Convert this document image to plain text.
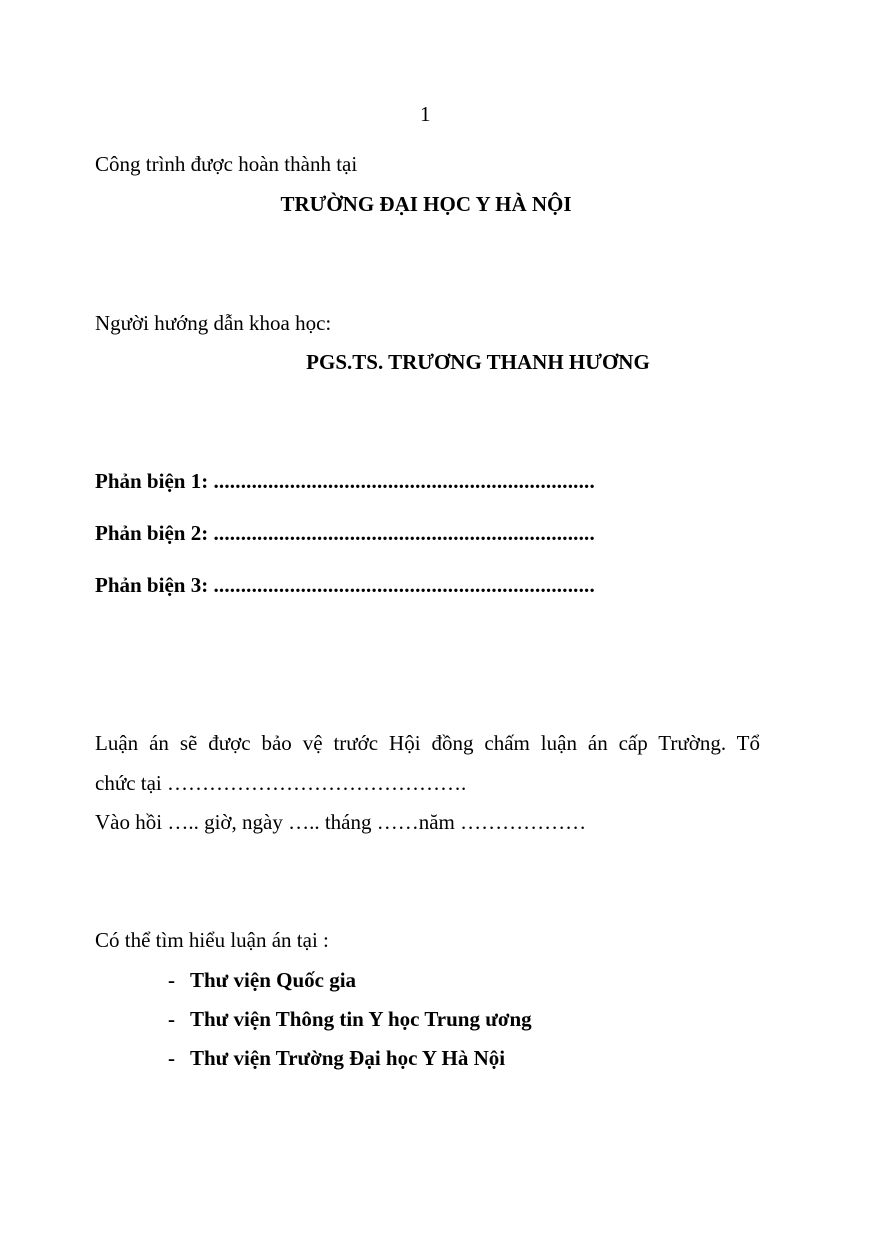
1
Công trình được hoàn thành tại
TRƯỜNG ĐẠI HỌC Y HÀ NỘI
Người hướng dẫn khoa học:
PGS.TS. TRƯƠNG THANH HƯƠNG
Phản biện 1: ......................................................................
Phản biện 2: ......................................................................
Phản biện 3: ......................................................................
Luận án sẽ được bảo vệ trước Hội đồng chấm luận án cấp Trường. Tổ
chức tại …………………………………….
Vào hồi ….. giờ, ngày ….. tháng ……năm ………………
Có thể tìm hiểu luận án tại :
- Thư viện Quốc gia
- Thư viện Thông tin Y học Trung ương
- Thư viện Trường Đại học Y Hà Nội
